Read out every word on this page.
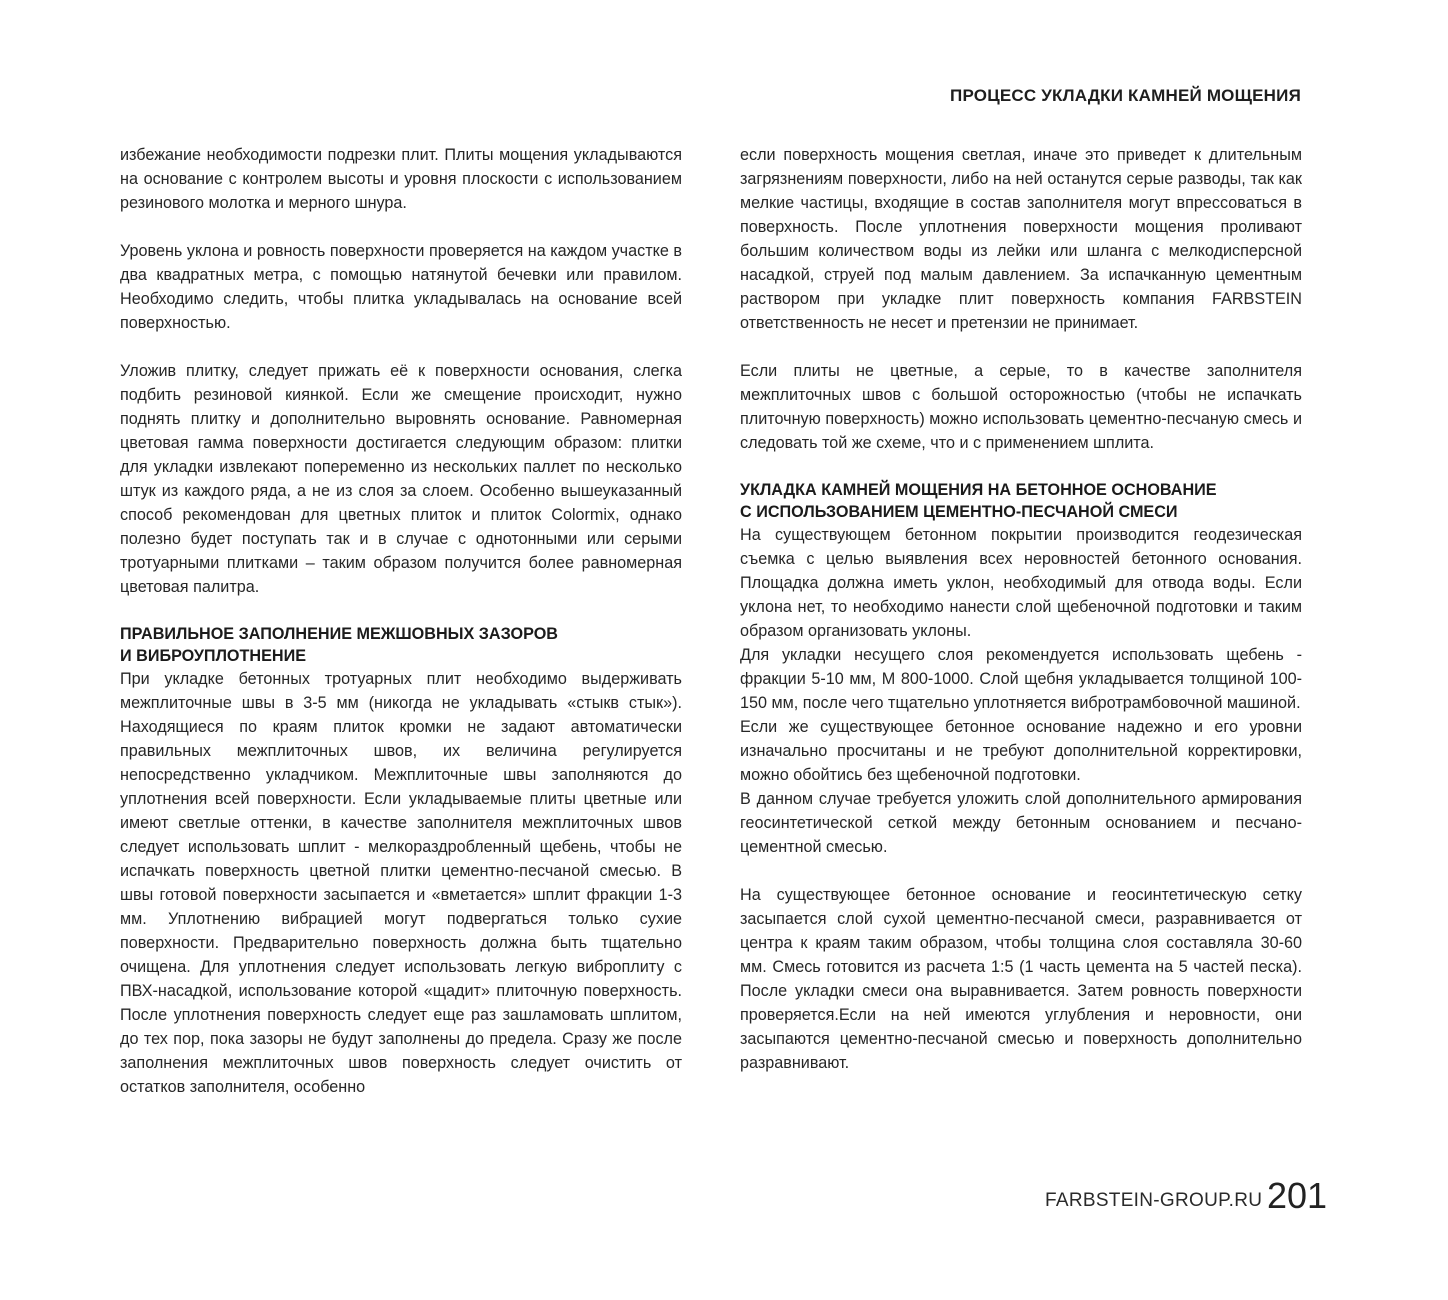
ПРОЦЕСС УКЛАДКИ КАМНЕЙ МОЩЕНИЯ

избежание необходимости подрезки плит. Плиты мощения укладываются на основание с контролем высоты и уровня плоскости с использованием резинового молотка и мерного шнура.

Уровень уклона и ровность поверхности проверяется на каждом участке в два квадратных метра, с помощью натянутой бечевки или правилом. Необходимо следить, чтобы плитка укладывалась на основание всей поверхностью.

Уложив плитку, следует прижать её к поверхности основания, слегка подбить резиновой киянкой. Если же смещение происходит, нужно поднять плитку и дополнительно выровнять основание. Равномерная цветовая гамма поверхности достигается следующим образом: плитки для укладки извлекают попеременно из нескольких паллет по несколько штук из каждого ряда, а не из слоя за слоем. Особенно вышеуказанный способ рекомендован для цветных плиток и плиток Colormix, однако полезно будет поступать так и в случае с однотонными или серыми тротуарными плитками – таким образом получится более равномерная цветовая палитра.

ПРАВИЛЬНОЕ ЗАПОЛНЕНИЕ МЕЖШОВНЫХ ЗАЗОРОВ

И ВИБРОУПЛОТНЕНИЕ

При укладке бетонных тротуарных плит необходимо выдерживать межплиточные швы в 3-5 мм (никогда не укладывать «стыкв стык»). Находящиеся по краям плиток кромки не задают автоматически правильных межплиточных швов, их величина регулируется непосредственно укладчиком. Межплиточные швы заполняются до уплотнения всей поверхности. Если укладываемые плиты цветные или имеют светлые оттенки, в качестве заполнителя межплиточных швов следует использовать шплит - мелкораздробленный щебень, чтобы не испачкать поверхность цветной плитки цементно-песчаной смесью. В швы готовой поверхности засыпается и «вметается» шплит фракции 1-3 мм. Уплотнению вибрацией могут подвергаться только сухие поверхности. Предварительно поверхность должна быть тщательно очищена. Для уплотнения следует использовать легкую виброплиту с ПВХ-насадкой, использование которой «щадит» плиточную поверхность. После уплотнения поверхность следует еще раз зашламовать шплитом, до тех пор, пока зазоры не будут заполнены до предела. Сразу же после заполнения межплиточных швов поверхность следует очистить от остатков заполнителя, особенно

если поверхность мощения светлая, иначе это приведет к длительным загрязнениям поверхности, либо на ней останутся серые разводы, так как мелкие частицы, входящие в состав заполнителя могут впрессоваться в поверхность. После уплотнения поверхности мощения проливают большим количеством воды из лейки или шланга с мелкодисперсной насадкой, струей под малым давлением. За испачканную цементным раствором при укладке плит поверхность компания FARBSTEIN ответственность не несет и претензии не принимает.

Если плиты не цветные, а серые, то в качестве заполнителя межплиточных швов с большой осторожностью (чтобы не испачкать плиточную поверхность) можно использовать цементно-песчаную смесь и следовать той же схеме, что и с применением шплита.

УКЛАДКА КАМНЕЙ МОЩЕНИЯ НА БЕТОННОЕ ОСНОВАНИЕ

С ИСПОЛЬЗОВАНИЕМ ЦЕМЕНТНО-ПЕСЧАНОЙ СМЕСИ

На существующем бетонном покрытии производится геодезическая съемка с целью выявления всех неровностей бетонного основания. Площадка должна иметь уклон, необходимый для отвода воды. Если уклона нет, то необходимо нанести слой щебеночной подготовки и таким образом организовать уклоны.

Для укладки несущего слоя рекомендуется использовать щебень - фракции 5-10 мм, М 800-1000. Слой щебня укладывается толщиной 100-150 мм, после чего тщательно уплотняется вибротрамбовочной машиной.

Если же существующее бетонное основание надежно и его уровни изначально просчитаны и не требуют дополнительной корректировки, можно обойтись без щебеночной подготовки.

В данном случае требуется уложить слой дополнительного армирования геосинтетической сеткой между бетонным основанием и песчано-цементной смесью.

На существующее бетонное основание и геосинтетическую сетку засыпается слой сухой цементно-песчаной смеси, разравнивается от центра к краям таким образом, чтобы толщина слоя составляла 30-60 мм. Смесь готовится из расчета 1:5 (1 часть цемента на 5 частей песка). После укладки смеси она выравнивается. Затем ровность поверхности проверяется.Если на ней имеются углубления и неровности, они засыпаются цементно-песчаной смесью и поверхность дополнительно разравнивают.

FARBSTEIN-GROUP.RU 201
